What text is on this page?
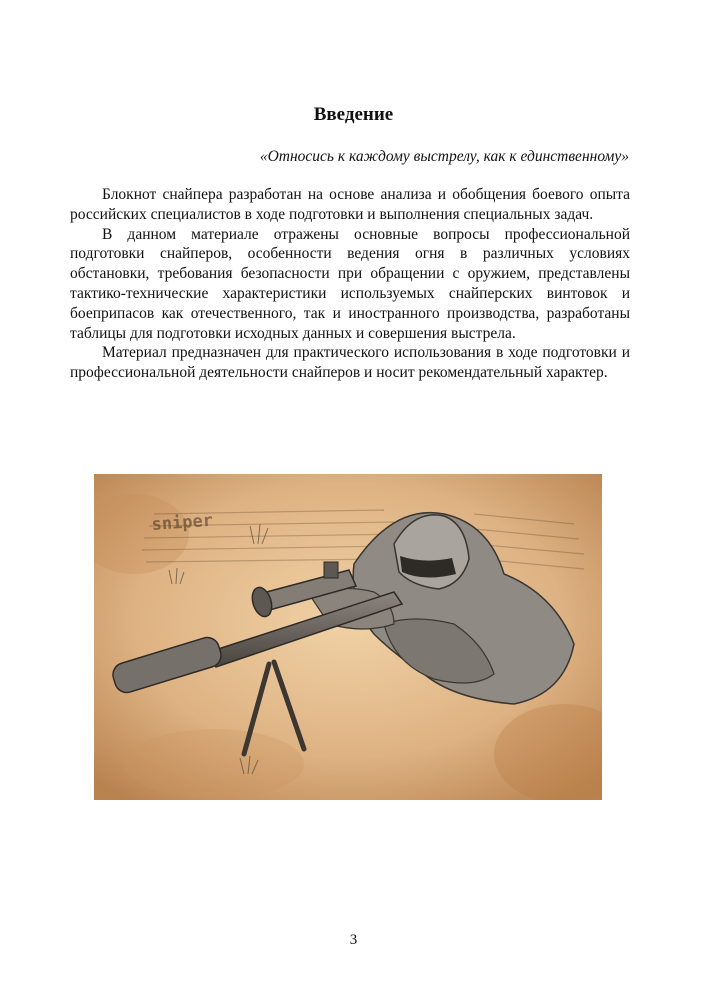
Введение
«Относись к каждому выстрелу, как к единственному»

Блокнот снайпера разработан на основе анализа и обобщения боевого опыта российских специалистов в ходе подготовки и выполнения специальных задач.

В данном материале отражены основные вопросы профессиональной подготовки снайперов, особенности ведения огня в различных условиях обстановки, требования безопасности при обращении с оружием, представлены тактико-технические характеристики используемых снайперских винтовок и боеприпасов как отечественного, так и иностранного производства, разработаны таблицы для подготовки исходных данных и совершения выстрела.

Материал предназначен для практического использования в ходе подготовки и профессиональной деятельности снайперов и носит рекомендательный характер.

sniper
3
